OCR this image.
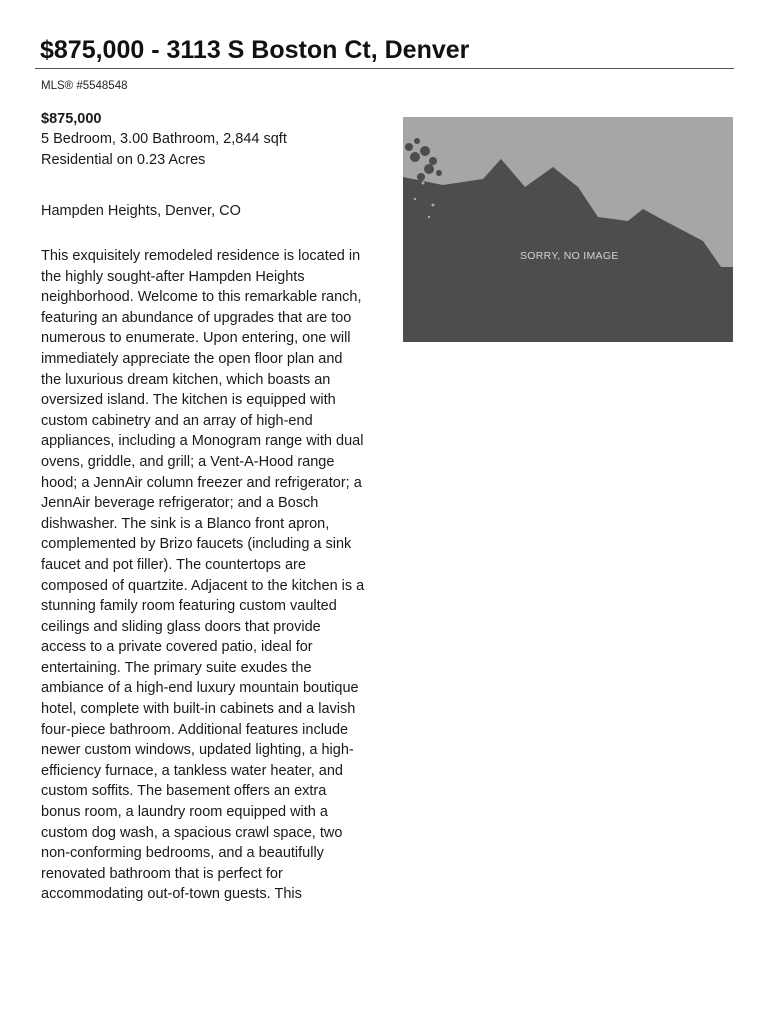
$875,000 - 3113 S Boston Ct, Denver
MLS® #5548548
$875,000
5 Bedroom, 3.00 Bathroom, 2,844 sqft
Residential on 0.23 Acres
Hampden Heights, Denver, CO

This exquisitely remodeled residence is located in the highly sought-after Hampden Heights neighborhood. Welcome to this remarkable ranch, featuring an abundance of upgrades that are too numerous to enumerate. Upon entering, one will immediately appreciate the open floor plan and the luxurious dream kitchen, which boasts an oversized island. The kitchen is equipped with custom cabinetry and an array of high-end appliances, including a Monogram range with dual ovens, griddle, and grill; a Vent-A-Hood range hood; a JennAir column freezer and refrigerator; a JennAir beverage refrigerator; and a Bosch dishwasher. The sink is a Blanco front apron, complemented by Brizo faucets (including a sink faucet and pot filler). The countertops are composed of quartzite. Adjacent to the kitchen is a stunning family room featuring custom vaulted ceilings and sliding glass doors that provide access to a private covered patio, ideal for entertaining. The primary suite exudes the ambiance of a high-end luxury mountain boutique hotel, complete with built-in cabinets and a lavish four-piece bathroom. Additional features include newer custom windows, updated lighting, a high-efficiency furnace, a tankless water heater, and custom soffits. The basement offers an extra bonus room, a laundry room equipped with a custom dog wash, a spacious crawl space, two non-conforming bedrooms, and a beautifully renovated bathroom that is perfect for accommodating out-of-town guests. This

SORRY, NO IMAGE
